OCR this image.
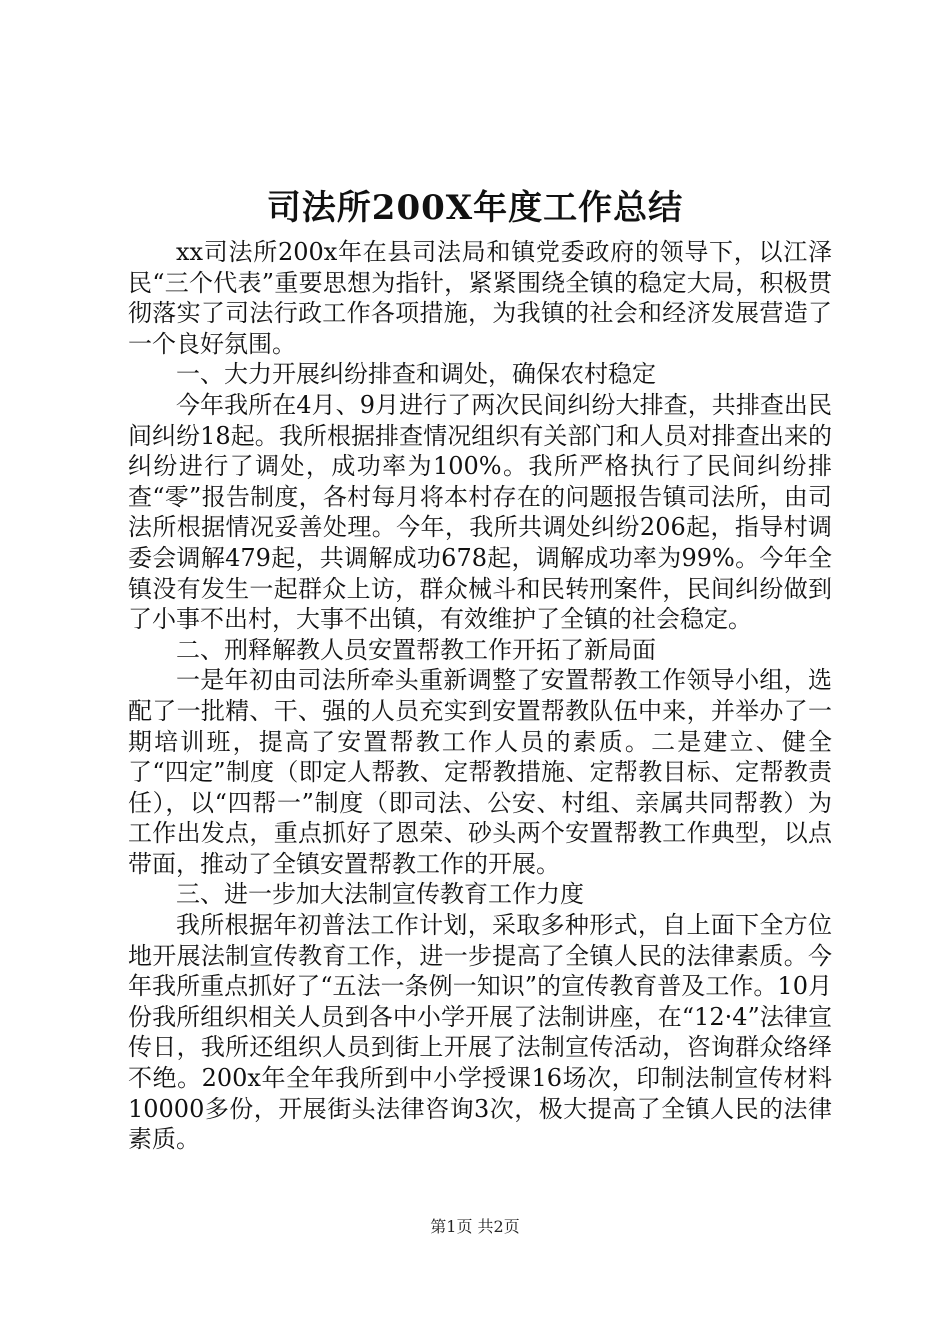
司法所200X年度工作总结

xx司法所200x年在县司法局和镇党委政府的领导下，以江泽民“三个代表”重要思想为指针，紧紧围绕全镇的稳定大局，积极贯彻落实了司法行政工作各项措施，为我镇的社会和经济发展营造了一个良好氛围。

一、大力开展纠纷排查和调处，确保农村稳定

今年我所在4月、9月进行了两次民间纠纷大排查，共排查出民间纠纷18起。我所根据排查情况组织有关部门和人员对排查出来的纠纷进行了调处，成功率为100%。我所严格执行了民间纠纷排查“零”报告制度，各村每月将本村存在的问题报告镇司法所，由司法所根据情况妥善处理。今年，我所共调处纠纷206起，指导村调委会调解479起，共调解成功678起，调解成功率为99%。今年全镇没有发生一起群众上访，群众械斗和民转刑案件，民间纠纷做到了小事不出村，大事不出镇，有效维护了全镇的社会稳定。

二、刑释解教人员安置帮教工作开拓了新局面

一是年初由司法所牵头重新调整了安置帮教工作领导小组，选配了一批精、干、强的人员充实到安置帮教队伍中来，并举办了一期培训班，提高了安置帮教工作人员的素质。二是建立、健全了“四定”制度（即定人帮教、定帮教措施、定帮教目标、定帮教责任），以“四帮一”制度（即司法、公安、村组、亲属共同帮教）为工作出发点，重点抓好了恩荣、砂头两个安置帮教工作典型，以点带面，推动了全镇安置帮教工作的开展。

三、进一步加大法制宣传教育工作力度

我所根据年初普法工作计划，采取多种形式，自上面下全方位地开展法制宣传教育工作，进一步提高了全镇人民的法律素质。今年我所重点抓好了“五法一条例一知识”的宣传教育普及工作。10月份我所组织相关人员到各中小学开展了法制讲座，在“12·4”法律宣传日，我所还组织人员到街上开展了法制宣传活动，咨询群众络绎不绝。200x年全年我所到中小学授课16场次，印制法制宣传材料10000多份，开展街头法律咨询3次，极大提高了全镇人民的法律素质。

第1页 共2页
